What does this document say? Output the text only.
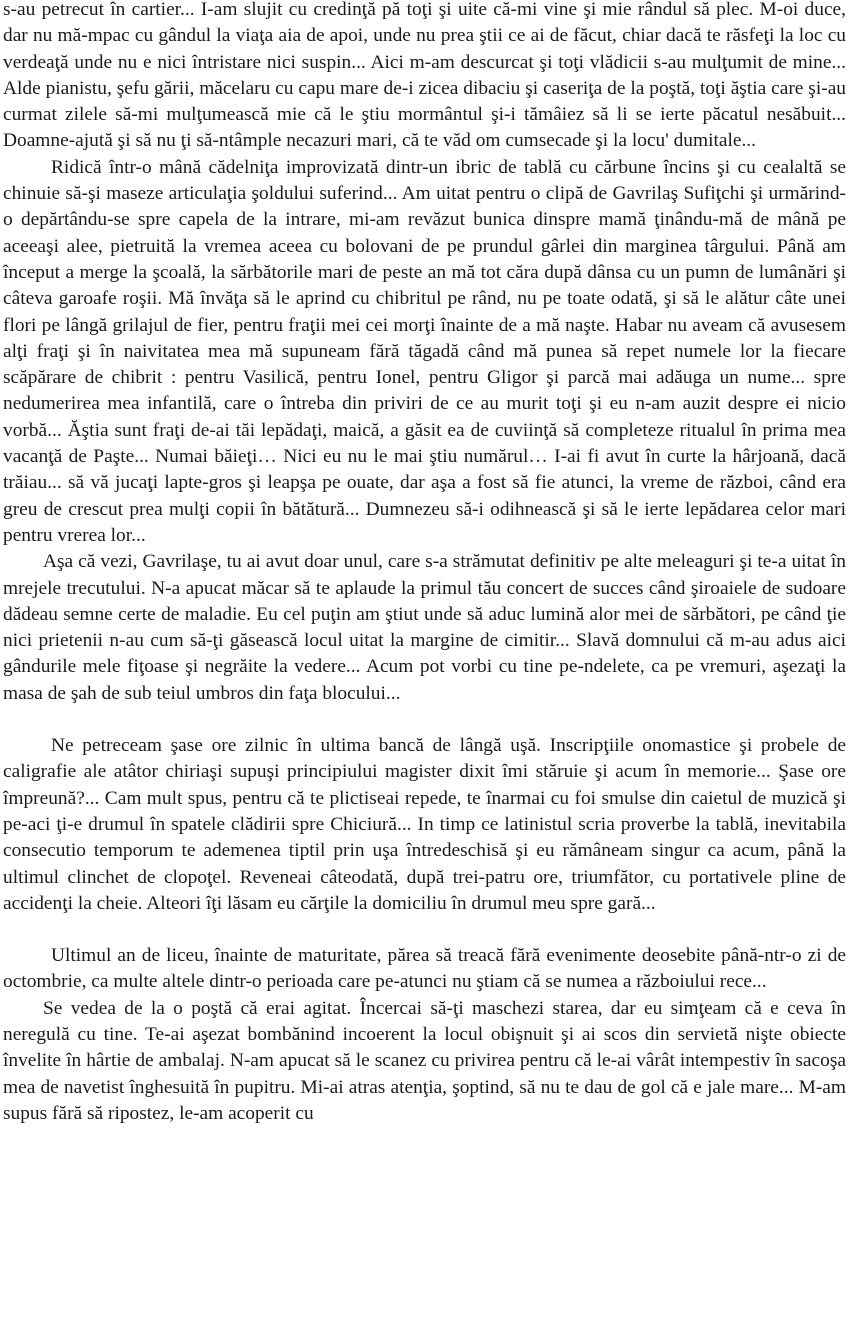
s-au petrecut în cartier... I-am slujit cu credinţă pă toţi şi uite că-mi vine şi mie rândul să plec. M-oi duce, dar nu mă-mpac cu gândul la viaţa aia de apoi, unde nu prea ştii ce ai de făcut, chiar dacă te răsfeţi la loc cu verdeaţă unde nu e nici întristare nici suspin... Aici m-am descurcat şi toţi vlădicii s-au mulţumit de mine... Alde pianistu, şefu gării, măcelaru cu capu mare de-i zicea dibaciu şi caseriţa de la poştă, toţi ăştia care şi-au curmat zilele să-mi mulţumească mie că le ştiu mormântul şi-i tămâiez să li se ierte păcatul nesăbuit... Doamne-ajută şi să nu ţi să-ntâmple necazuri mari, că te văd om cumsecade şi la locu' dumitale...

Ridică într-o mână cădelniţa improvizată dintr-un ibric de tablă cu cărbune încins şi cu cealaltă se chinuie să-şi maseze articulaţia şoldului suferind... Am uitat pentru o clipă de Gavrilaş Sufiţchi şi urmărind-o depărtându-se spre capela de la intrare, mi-am revăzut bunica dinspre mamă ţinându-mă de mână pe aceeaşi alee, pietruită la vremea aceea cu bolovani de pe prundul gârlei din marginea târgului. Până am început a merge la şcoală, la sărbătorile mari de peste an mă tot căra după dânsa cu un pumn de lumânări şi câteva garoafe roşii. Mă învăţa să le aprind cu chibritul pe rând, nu pe toate odată, şi să le alătur câte unei flori pe lângă grilajul de fier, pentru fraţii mei cei morţi înainte de a mă naşte. Habar nu aveam că avusesem alţi fraţi şi în naivitatea mea mă supuneam fără tăgadă când mă punea să repet numele lor la fiecare scăpărare de chibrit : pentru Vasilică, pentru Ionel, pentru Gligor şi parcă mai adăuga un nume... spre nedumerirea mea infantilă, care o întreba din priviri de ce au murit toţi şi eu n-am auzit despre ei nicio vorbă... Ăştia sunt fraţi de-ai tăi lepădaţi, maică, a găsit ea de cuviinţă să completeze ritualul în prima mea vacanţă de Paşte... Numai băieţi… Nici eu nu le mai ştiu numărul… I-ai fi avut în curte la hârjoană, dacă trăiau... să vă jucaţi lapte-gros şi leapşa pe ouate, dar aşa a fost să fie atunci, la vreme de război, când era greu de crescut prea mulţi copii în bătătură... Dumnezeu să-i odihnească şi să le ierte lepădarea celor mari pentru vrerea lor...

Aşa că vezi, Gavrilaşe, tu ai avut doar unul, care s-a strămutat definitiv pe alte meleaguri şi te-a uitat în mrejele trecutului. N-a apucat măcar să te aplaude la primul tău concert de succes când şiroaiele de sudoare dădeau semne certe de maladie. Eu cel puţin am ştiut unde să aduc lumină alor mei de sărbători, pe când ţie nici prietenii n-au cum să-ţi găsească locul uitat la margine de cimitir... Slavă domnului că m-au adus aici gândurile mele fiţoase şi negrăite la vedere... Acum pot vorbi cu tine pe-ndelete, ca pe vremuri, aşezaţi la masa de şah de sub teiul umbros din faţa blocului...

Ne petreceam şase ore zilnic în ultima bancă de lângă uşă. Inscripţiile onomastice şi probele de caligrafie ale atâtor chiriaşi supuşi principiului magister dixit îmi stăruie şi acum în memorie... Şase ore împreună?... Cam mult spus, pentru că te plictiseai repede, te înarmai cu foi smulse din caietul de muzică şi pe-aci ţi-e drumul în spatele clădirii spre Chiciură... In timp ce latinistul scria proverbe la tablă, inevitabila consecutio temporum te ademenea tiptil prin uşa întredeschisă şi eu rămâneam singur ca acum, până la ultimul clinchet de clopoţel. Reveneai câteodată, după trei-patru ore, triumfător, cu portativele pline de accidenţi la cheie. Alteori îţi lăsam eu cărţile la domiciliu în drumul meu spre gară...

Ultimul an de liceu, înainte de maturitate, părea să treacă fără evenimente deosebite până-ntr-o zi de octombrie, ca multe altele dintr-o perioada care pe-atunci nu ştiam că se numea a războiului rece...

Se vedea de la o poştă că erai agitat. Încercai să-ţi maschezi starea, dar eu simţeam că e ceva în neregulă cu tine. Te-ai aşezat bombănind incoerent la locul obişnuit şi ai scos din servietă nişte obiecte învelite în hârtie de ambalaj. N-am apucat să le scanez cu privirea pentru că le-ai vârât intempestiv în sacoşa mea de navetist înghesuită în pupitru. Mi-ai atras atenţia, şoptind, să nu te dau de gol că e jale mare... M-am supus fără să ripostez, le-am acoperit cu
